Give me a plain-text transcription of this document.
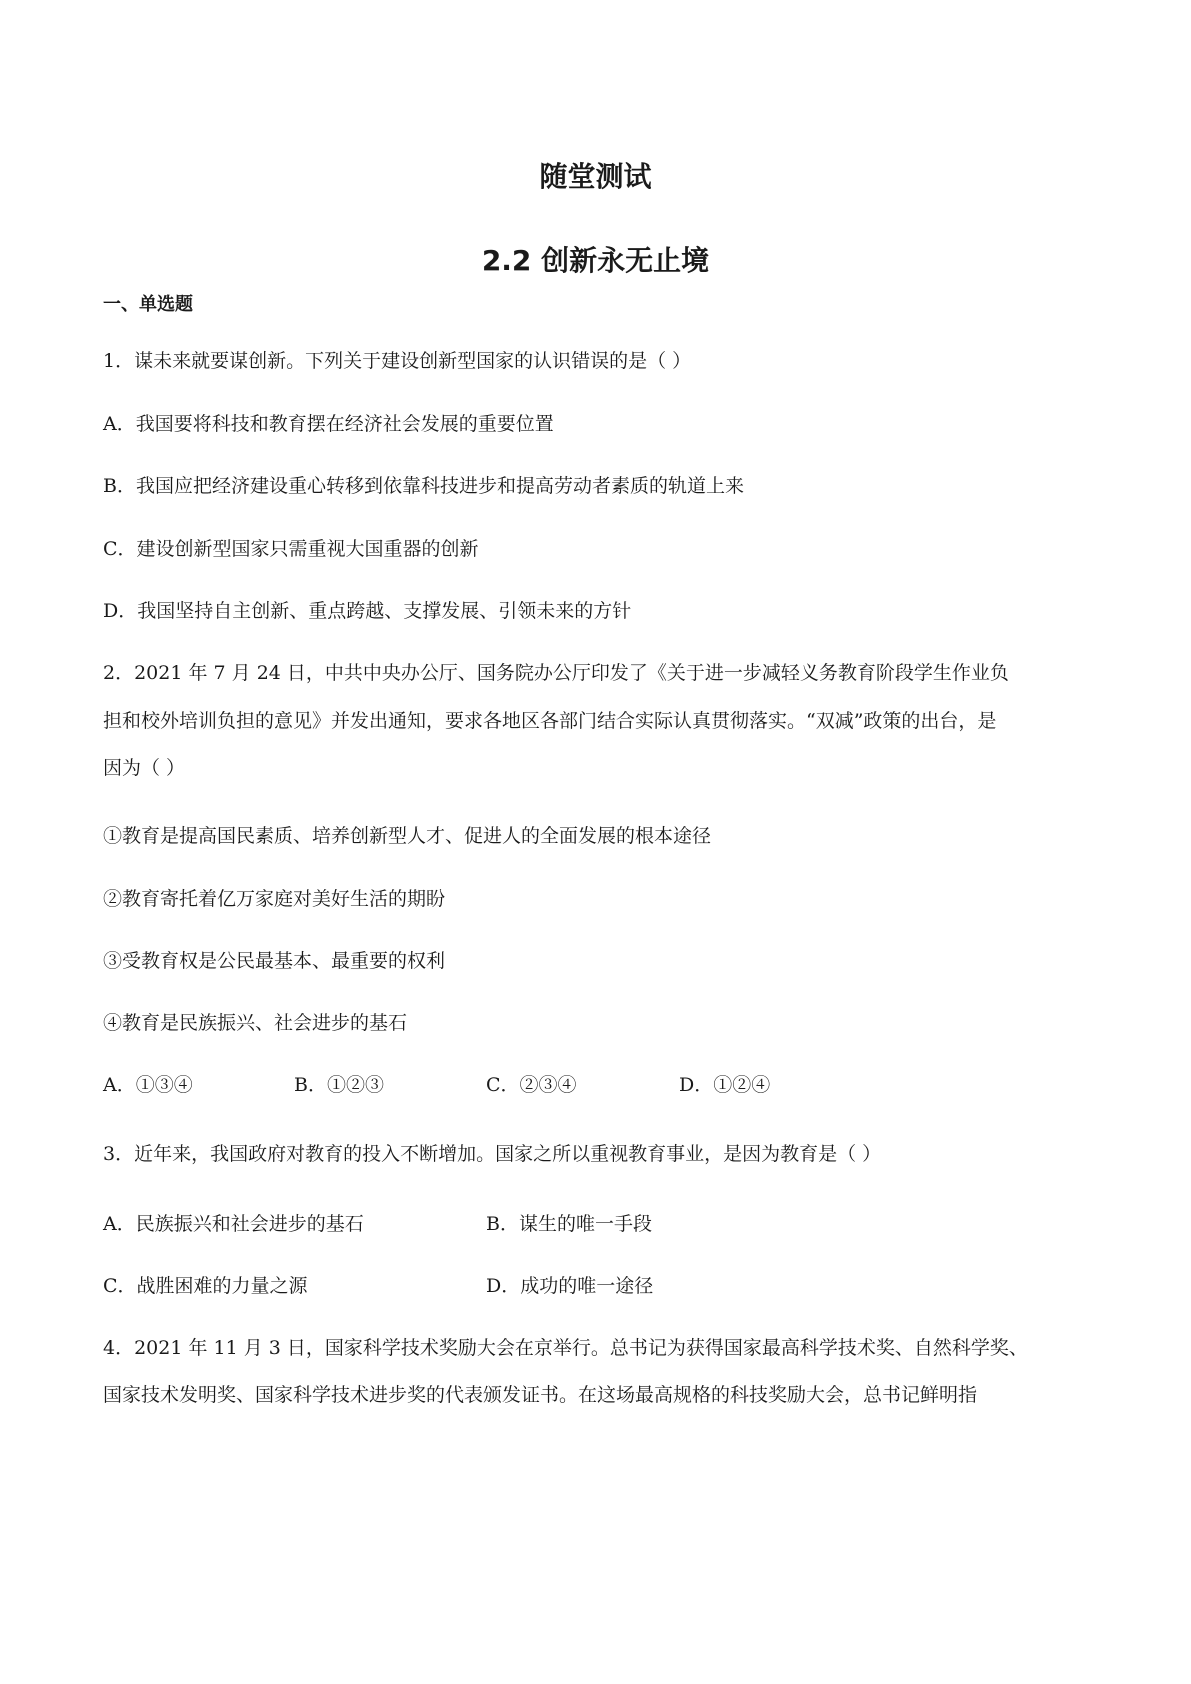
随堂测试
2.2 创新永无止境
一、单选题
1．谋未来就要谋创新。下列关于建设创新型国家的认识错误的是（ ）
A．我国要将科技和教育摆在经济社会发展的重要位置
B．我国应把经济建设重心转移到依靠科技进步和提高劳动者素质的轨道上来
C．建设创新型国家只需重视大国重器的创新
D．我国坚持自主创新、重点跨越、支撑发展、引领未来的方针
2．2021 年 7 月 24 日，中共中央办公厅、国务院办公厅印发了《关于进一步减轻义务教育阶段学生作业负
担和校外培训负担的意见》并发出通知，要求各地区各部门结合实际认真贯彻落实。“双减”政策的出台，是
因为（ ）
①教育是提高国民素质、培养创新型人才、促进人的全面发展的根本途径
②教育寄托着亿万家庭对美好生活的期盼
③受教育权是公民最基本、最重要的权利
④教育是民族振兴、社会进步的基石
A．①③④	B．①②③	C．②③④	D．①②④
3．近年来，我国政府对教育的投入不断增加。国家之所以重视教育事业，是因为教育是（ ）
A．民族振兴和社会进步的基石	B．谋生的唯一手段
C．战胜困难的力量之源	D．成功的唯一途径
4．2021 年 11 月 3 日，国家科学技术奖励大会在京举行。总书记为获得国家最高科学技术奖、自然科学奖、
国家技术发明奖、国家科学技术进步奖的代表颁发证书。在这场最高规格的科技奖励大会，总书记鲜明指
